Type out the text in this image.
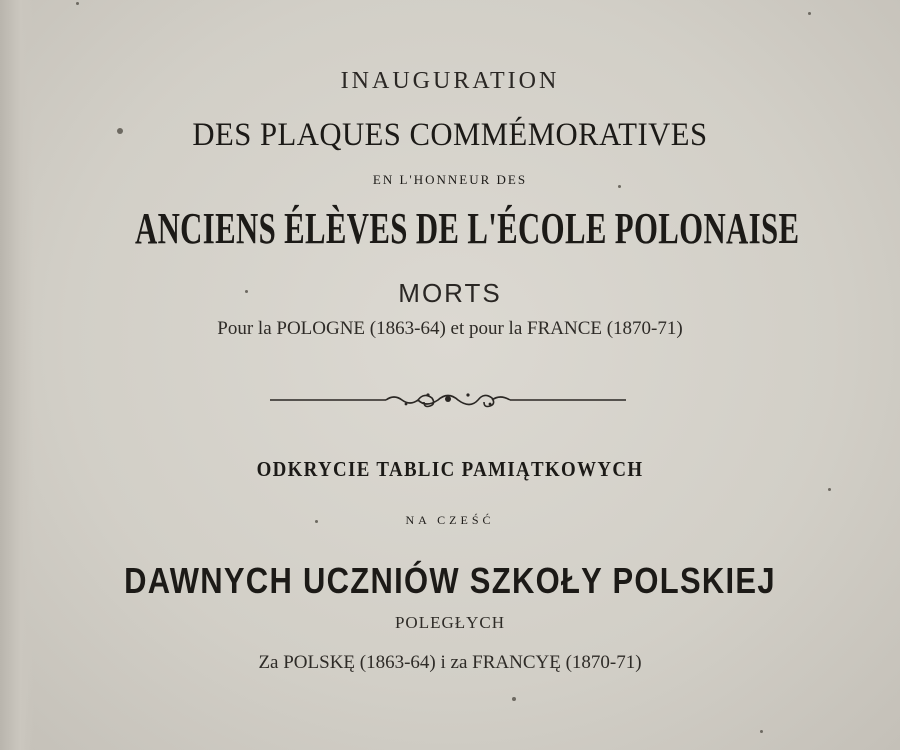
INAUGURATION
DES PLAQUES COMMÉMORATIVES
EN L'HONNEUR DES
ANCIENS ÉLÈVES DE L'ÉCOLE POLONAISE
MORTS
Pour la POLOGNE (1863-64) et pour la FRANCE (1870-71)
ODKRYCIE TABLIC PAMIĄTKOWYCH
NA CZEŚĆ
DAWNYCH UCZNIÓW SZKOŁY POLSKIEJ
POLEGŁYCH
Za POLSKĘ (1863-64) i za FRANCYĘ (1870-71)
